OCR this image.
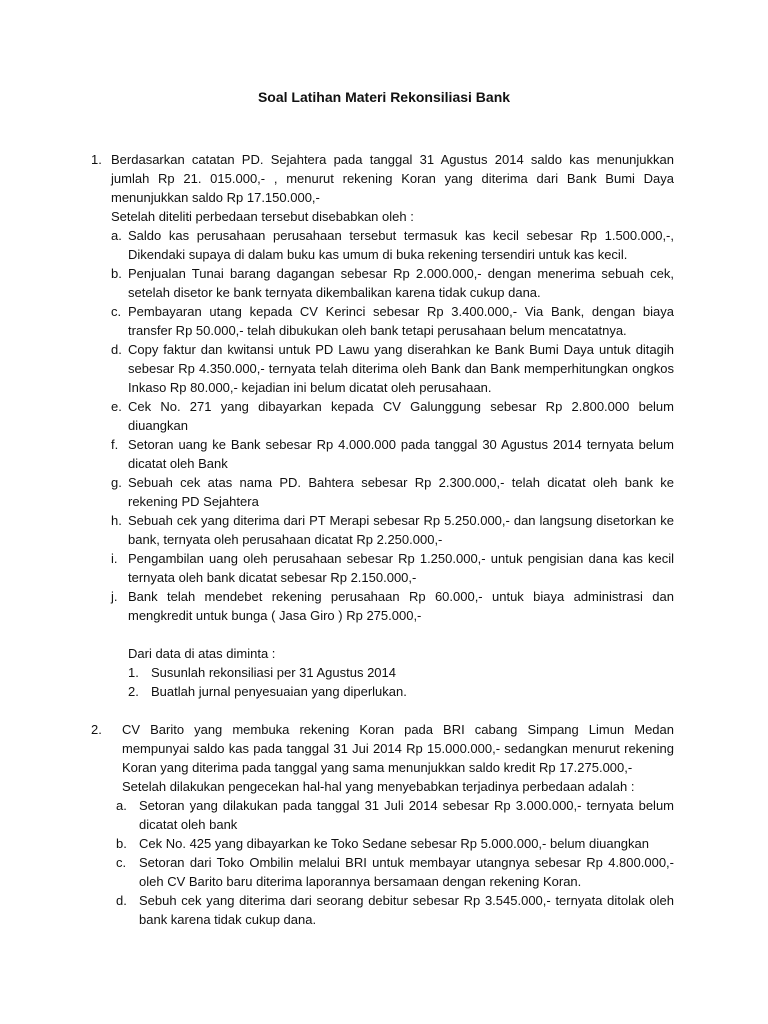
Soal Latihan Materi Rekonsiliasi Bank
1. Berdasarkan catatan PD. Sejahtera pada tanggal 31 Agustus 2014 saldo kas menunjukkan jumlah Rp 21. 015.000,- , menurut rekening Koran yang diterima dari Bank Bumi Daya menunjukkan saldo Rp 17.150.000,-
Setelah diteliti perbedaan tersebut disebabkan oleh :
a. Saldo kas perusahaan perusahaan tersebut termasuk kas kecil sebesar Rp 1.500.000,-, Dikendaki supaya di dalam buku kas umum di buka rekening tersendiri untuk kas kecil.
b. Penjualan Tunai barang dagangan sebesar Rp 2.000.000,- dengan menerima sebuah cek, setelah disetor ke bank ternyata dikembalikan karena tidak cukup dana.
c. Pembayaran utang kepada CV Kerinci sebesar Rp 3.400.000,- Via Bank, dengan biaya transfer Rp 50.000,- telah dibukukan oleh bank tetapi perusahaan belum mencatatnya.
d. Copy faktur dan kwitansi untuk PD Lawu yang diserahkan ke Bank Bumi Daya untuk ditagih sebesar Rp 4.350.000,- ternyata telah diterima oleh Bank dan Bank memperhitungkan ongkos Inkaso Rp 80.000,- kejadian ini belum dicatat oleh perusahaan.
e. Cek No. 271 yang dibayarkan kepada CV Galunggung sebesar Rp 2.800.000 belum diuangkan
f. Setoran uang ke Bank sebesar Rp 4.000.000 pada tanggal 30 Agustus 2014 ternyata belum dicatat oleh Bank
g. Sebuah cek atas nama PD. Bahtera sebesar Rp 2.300.000,- telah dicatat oleh bank ke rekening PD Sejahtera
h. Sebuah cek yang diterima dari PT Merapi sebesar Rp 5.250.000,- dan langsung disetorkan ke bank, ternyata oleh perusahaan dicatat Rp 2.250.000,-
i. Pengambilan uang oleh perusahaan sebesar Rp 1.250.000,- untuk pengisian dana kas kecil ternyata oleh bank dicatat sebesar Rp 2.150.000,-
j. Bank telah mendebet rekening perusahaan Rp 60.000,- untuk biaya administrasi dan mengkredit untuk bunga ( Jasa Giro ) Rp 275.000,-
Dari data di atas diminta :
1. Susunlah rekonsiliasi per 31 Agustus 2014
2. Buatlah jurnal penyesuaian yang diperlukan.
2. CV Barito yang membuka rekening Koran pada BRI cabang Simpang Limun Medan mempunyai saldo kas pada tanggal 31 Jui 2014 Rp 15.000.000,- sedangkan menurut rekening Koran yang diterima pada tanggal yang sama menunjukkan saldo kredit Rp 17.275.000,-
Setelah dilakukan pengecekan hal-hal yang menyebabkan terjadinya perbedaan adalah :
a. Setoran yang dilakukan pada tanggal 31 Juli 2014 sebesar Rp 3.000.000,- ternyata belum dicatat oleh bank
b. Cek No. 425 yang dibayarkan ke Toko Sedane sebesar Rp 5.000.000,- belum diuangkan
c. Setoran dari Toko Ombilin melalui BRI untuk membayar utangnya sebesar Rp 4.800.000,- oleh CV Barito baru diterima laporannya bersamaan dengan rekening Koran.
d. Sebuh cek yang diterima dari seorang debitur sebesar Rp 3.545.000,- ternyata ditolak oleh bank karena tidak cukup dana.
